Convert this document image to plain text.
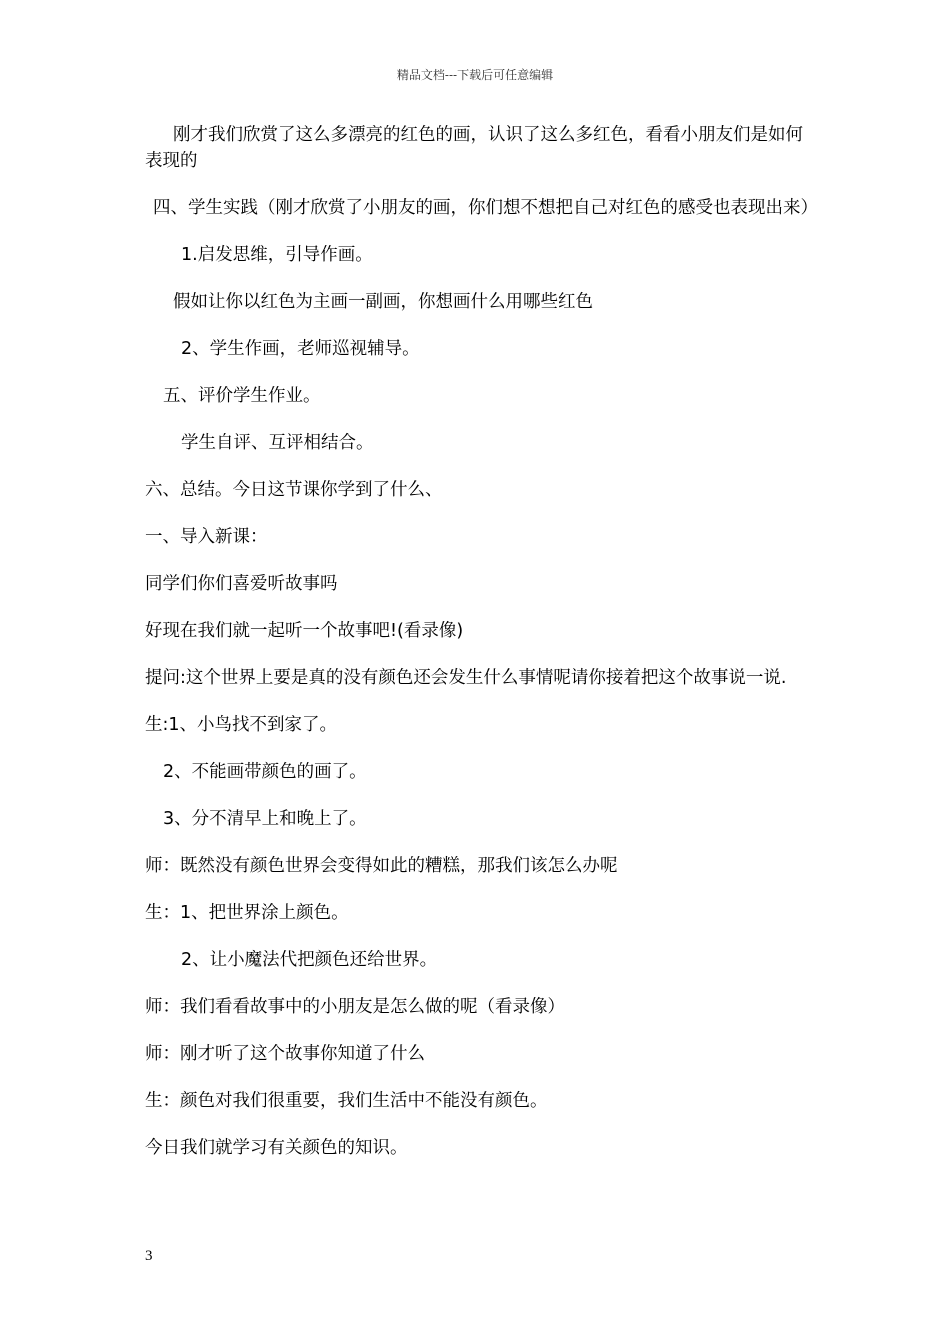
精品文档---下载后可任意编辑

刚才我们欣赏了这么多漂亮的红色的画，认识了这么多红色，看看小朋友们是如何表现的

四、学生实践（刚才欣赏了小朋友的画，你们想不想把自己对红色的感受也表现出来）

1.启发思维，引导作画。

假如让你以红色为主画一副画，你想画什么用哪些红色

2、学生作画，老师巡视辅导。

五、评价学生作业。

学生自评、互评相结合。

六、总结。今日这节课你学到了什么、

一、导入新课：

同学们你们喜爱听故事吗

好现在我们就一起听一个故事吧!(看录像)

提问:这个世界上要是真的没有颜色还会发生什么事情呢请你接着把这个故事说一说.

生:1、小鸟找不到家了。

2、不能画带颜色的画了。

3、分不清早上和晚上了。

师：既然没有颜色世界会变得如此的糟糕，那我们该怎么办呢

生：1、把世界涂上颜色。

2、让小魔法代把颜色还给世界。

师：我们看看故事中的小朋友是怎么做的呢（看录像）

师：刚才听了这个故事你知道了什么

生：颜色对我们很重要，我们生活中不能没有颜色。

今日我们就学习有关颜色的知识。

3
